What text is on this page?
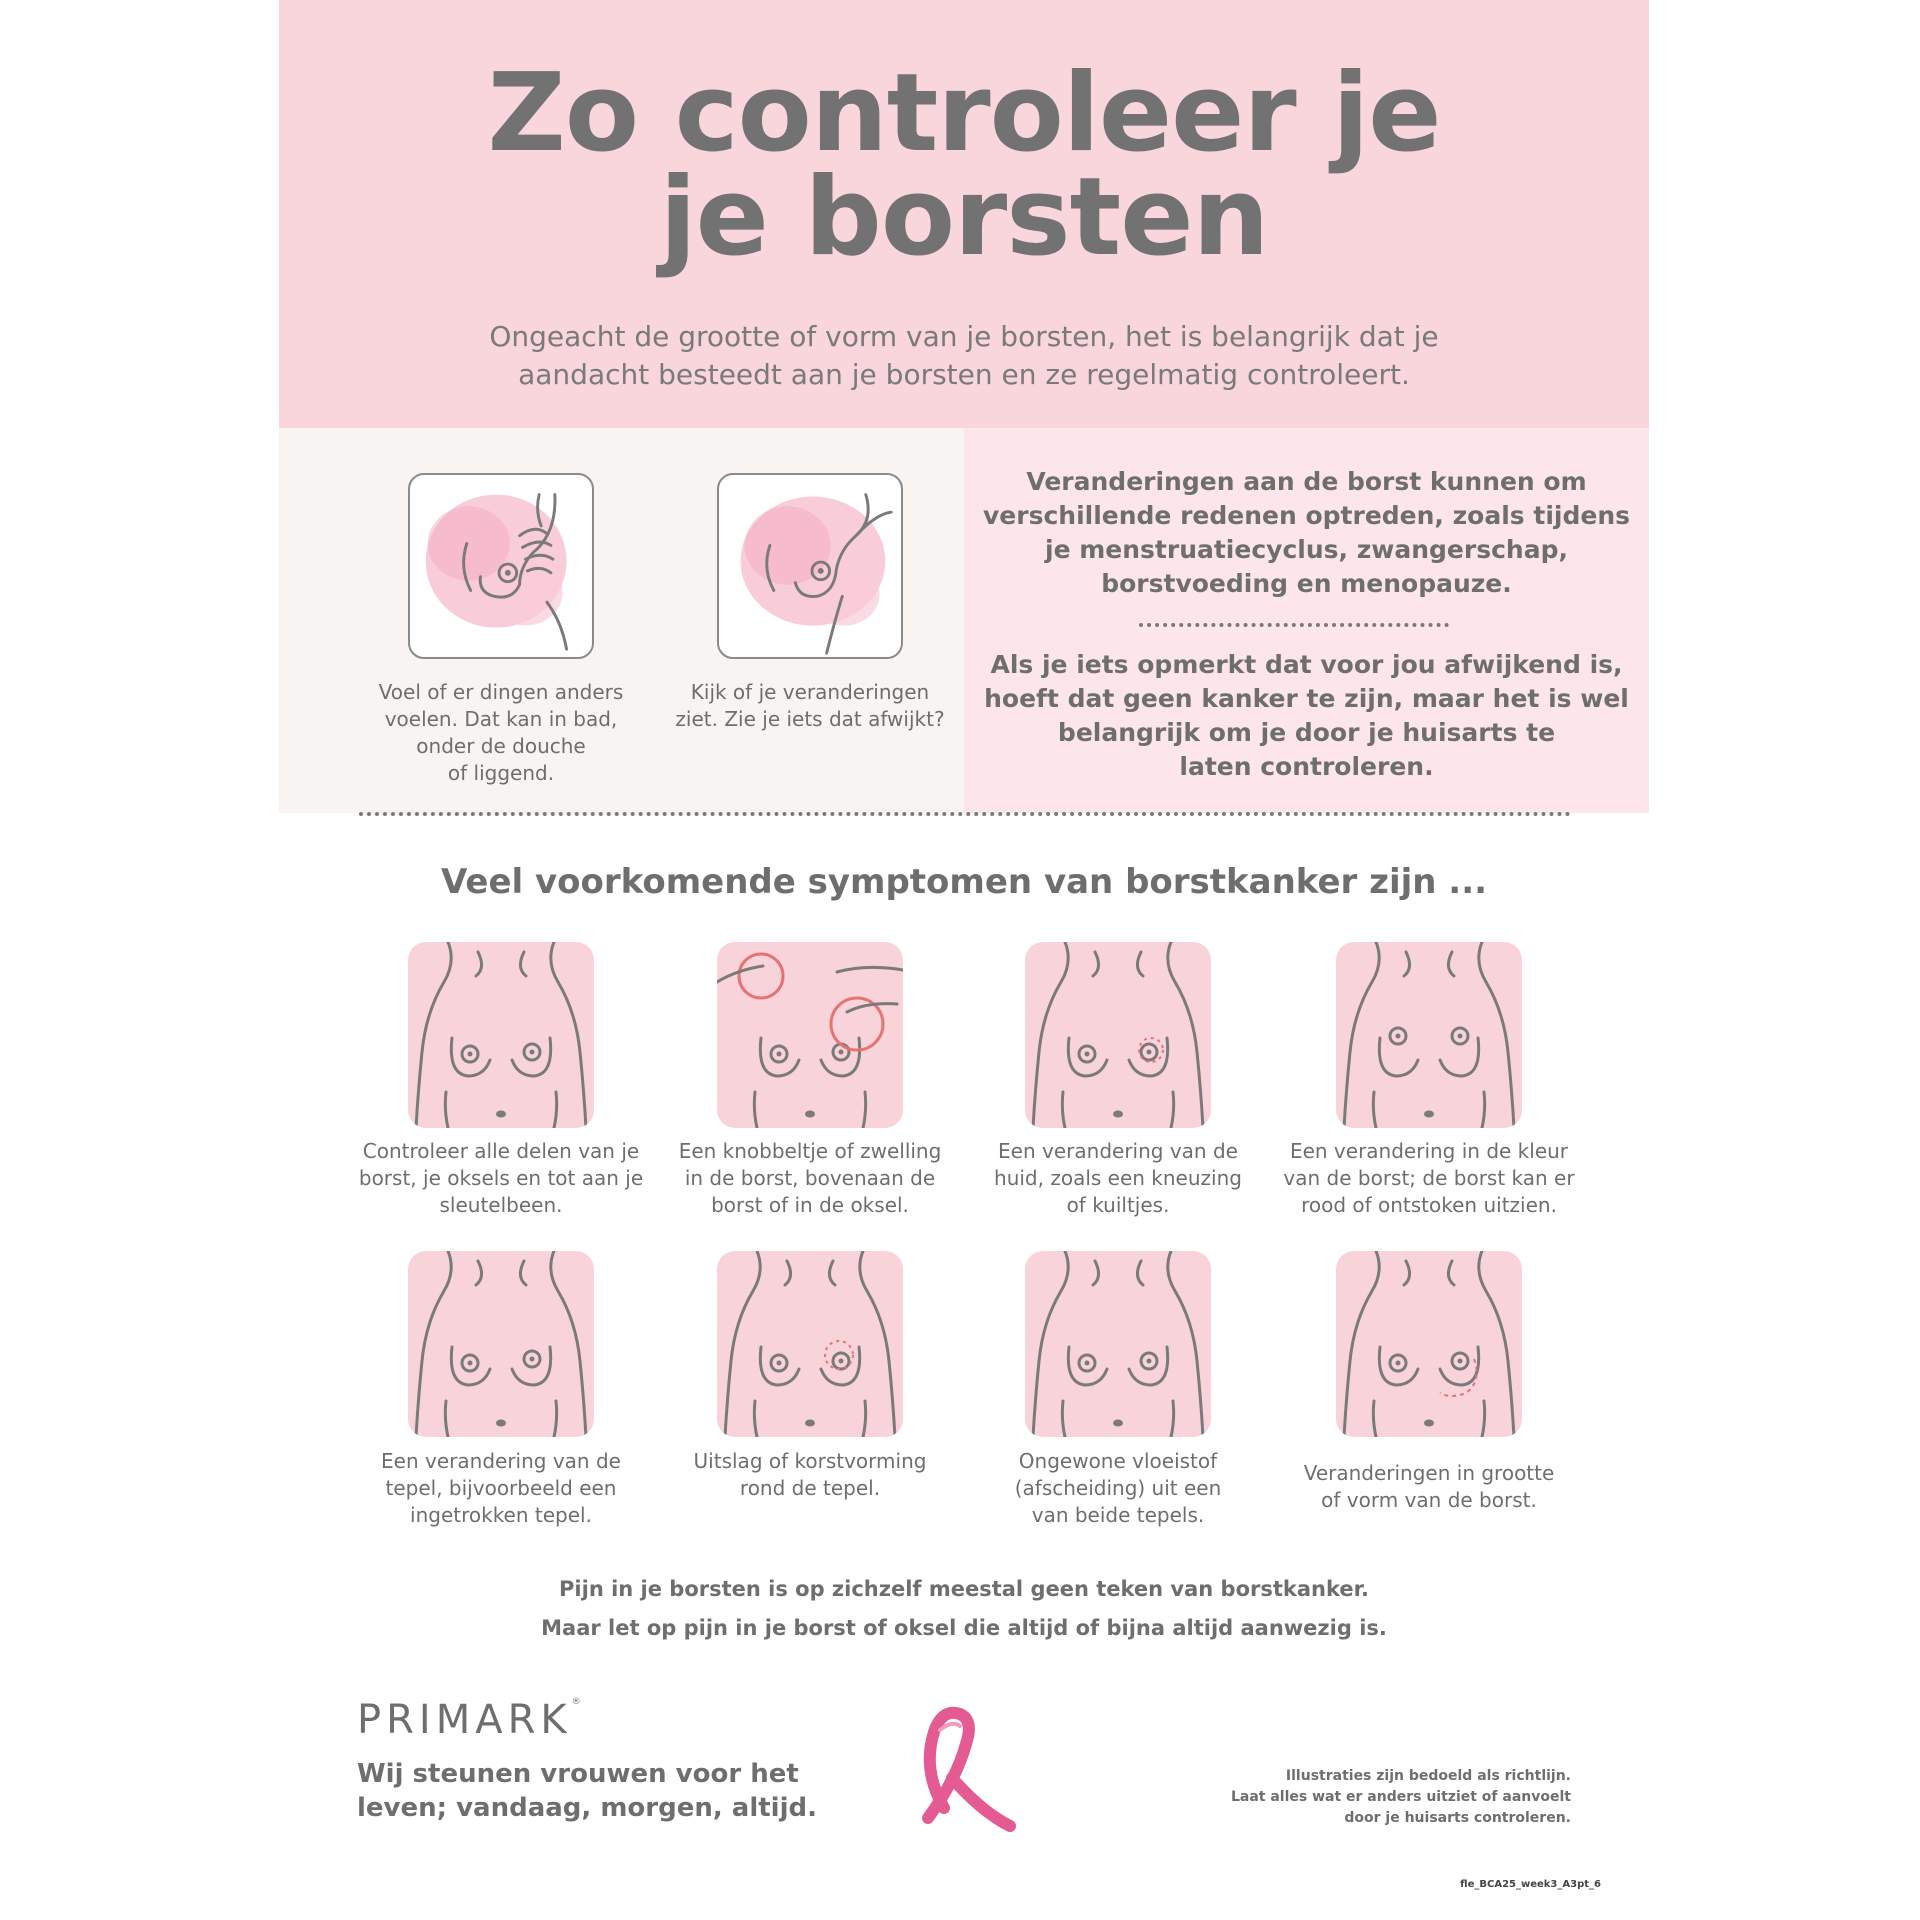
Zo controleer je
je borsten

Ongeacht de grootte of vorm van je borsten, het is belangrijk dat je
aandacht besteedt aan je borsten en ze regelmatig controleert.

Voel of er dingen anders
voelen. Dat kan in bad,
onder de douche
of liggend.
Kijk of je veranderingen
ziet. Zie je iets dat afwijkt?
Veranderingen aan de borst kunnen om
verschillende redenen optreden, zoals tijdens
je menstruatiecyclus, zwangerschap,
borstvoeding en menopauze.
Als je iets opmerkt dat voor jou afwijkend is,
hoeft dat geen kanker te zijn, maar het is wel
belangrijk om je door je huisarts te
laten controleren.
Veel voorkomende symptomen van borstkanker zijn ...
Controleer alle delen van je
borst, je oksels en tot aan je
sleutelbeen.
Een knobbeltje of zwelling
in de borst, bovenaan de
borst of in de oksel.
Een verandering van de
huid, zoals een kneuzing
of kuiltjes.
Een verandering in de kleur
van de borst; de borst kan er
rood of ontstoken uitzien.
Een verandering van de
tepel, bijvoorbeeld een
ingetrokken tepel.
Uitslag of korstvorming
rond de tepel.
Ongewone vloeistof
(afscheiding) uit een
van beide tepels.
Veranderingen in grootte
of vorm van de borst.

Pijn in je borsten is op zichzelf meestal geen teken van borstkanker.

Maar let op pijn in je borst of oksel die altijd of bijna altijd aanwezig is.

PRIMARK®
Wij steunen vrouwen voor het
leven; vandaag, morgen, altijd.
Illustraties zijn bedoeld als richtlijn.
Laat alles wat er anders uitziet of aanvoelt
door je huisarts controleren.
fle_BCA25_week3_A3pt_6
